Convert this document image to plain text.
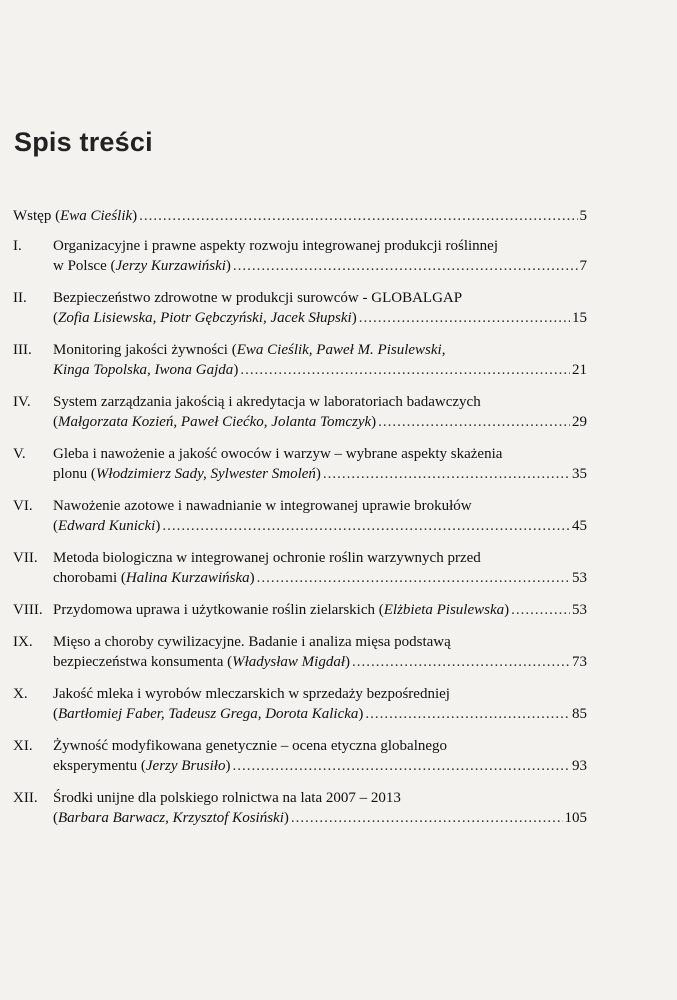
Spis treści
Wstęp (Ewa Cieślik) .....	5
I.	Organizacyjne i prawne aspekty rozwoju integrowanej produkcji roślinnej
w Polsce (Jerzy Kurzawiński) .....	7
II.	Bezpieczeństwo zdrowotne w produkcji surowców - GLOBALGAP
(Zofia Lisiewska, Piotr Gębczyński, Jacek Słupski) .....	15
III.	Monitoring jakości żywności (Ewa Cieślik, Paweł M. Pisulewski,
Kinga Topolska, Iwona Gajda) .....	21
IV.	System zarządzania jakością i akredytacja w laboratoriach badawczych
(Małgorzata Kozień, Paweł Ciećko, Jolanta Tomczyk) .....	29
V.	Gleba i nawożenie a jakość owoców i warzyw – wybrane aspekty skażenia
plonu (Włodzimierz Sady, Sylwester Smoleń) .....	35
VI.	Nawożenie azotowe i nawadnianie w integrowanej uprawie brokułów
(Edward Kunicki) .....	45
VII.	Metoda biologiczna w integrowanej ochronie roślin warzywnych przed
chorobami (Halina Kurzawińska) .....	53
VIII. Przydomowa uprawa i użytkowanie roślin zielarskich (Elżbieta Pisulewska) .....	53
IX.	Mięso a choroby cywilizacyjne. Badanie i analiza mięsa podstawą
bezpieczeństwa konsumenta (Władysław Migdał) .....	73
X.	Jakość mleka i wyrobów mleczarskich w sprzedaży bezpośredniej
(Bartłomiej Faber, Tadeusz Grega, Dorota Kalicka) .....	85
XI.	Żywność modyfikowana genetycznie – ocena etyczna globalnego
eksperymentu (Jerzy Brusiło) .....	93
XII.	Środki unijne dla polskiego rolnictwa na lata 2007 – 2013
(Barbara Barwacz, Krzysztof Kosiński) .....	105
